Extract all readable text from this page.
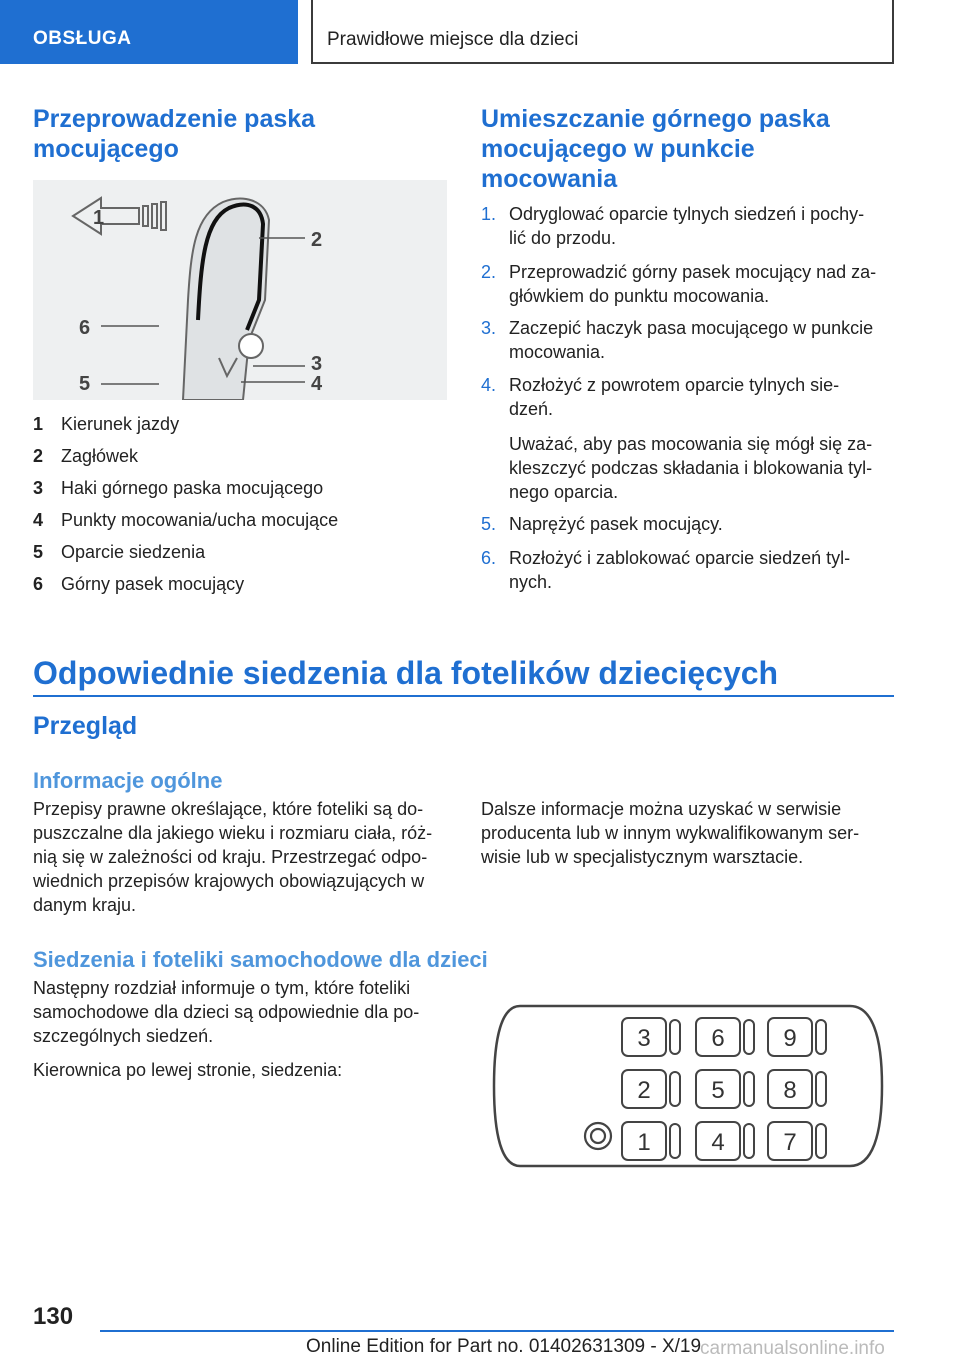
OBSŁUGA	Prawidłowe miejsce dla dzieci
Przeprowadzenie paska
mocującego
1
2
6
3
5	4
1 Kierunek jazdy
2 Zagłówek
3 Haki górnego paska mocującego
4 Punkty mocowania/ucha mocujące
5 Oparcie siedzenia
6 Górny pasek mocujący
Umieszczanie górnego paska
mocującego w punkcie
mocowania
1. Odryglować oparcie tylnych siedzeń i pochy-
lić do przodu.
2. Przeprowadzić górny pasek mocujący nad za-
główkiem do punktu mocowania.
3. Zaczepić haczyk pasa mocującego w punkcie
mocowania.
4. Rozłożyć z powrotem oparcie tylnych sie-
dzeń.
Uważać, aby pas mocowania się mógł się za-
kleszczyć podczas składania i blokowania tyl-
nego oparcia.
5. Naprężyć pasek mocujący.
6. Rozłożyć i zablokować oparcie siedzeń tyl-
nych.
Odpowiednie siedzenia dla fotelików dziecięcych
Przegląd
Informacje ogólne
Przepisy prawne określające, które foteliki są do-
puszczalne dla jakiego wieku i rozmiaru ciała, róż-
nią się w zależności od kraju. Przestrzegać odpo-
wiednich przepisów krajowych obowiązujących w
danym kraju.
Dalsze informacje można uzyskać w serwisie
producenta lub w innym wykwalifikowanym ser-
wisie lub w specjalistycznym warsztacie.
Siedzenia i foteliki samochodowe dla dzieci
Następny rozdział informuje o tym, które foteliki
samochodowe dla dzieci są odpowiednie dla po-
szczególnych siedzeń.
Kierownica po lewej stronie, siedzenia:
3	6 9
2	5 8
1	4 7
130
Online Edition for Part no. 01402631309 - X/19
carmanualsonline.info
